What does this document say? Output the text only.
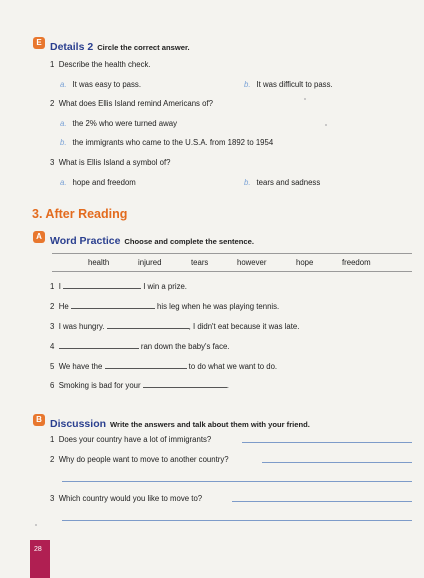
E Details 2 Circle the correct answer.
1 Describe the health check.
a. It was easy to pass.	b. It was difficult to pass.
2 What does Ellis Island remind Americans of?
a. the 2% who were turned away
b. the immigrants who came to the U.S.A. from 1892 to 1954
3 What is Ellis Island a symbol of?
a. hope and freedom	b. tears and sadness
3. After Reading
A Word Practice Choose and complete the sentence.
health	injured	tears	however	hope	freedom
1 I	I win a prize.
2 He	his leg when he was playing tennis.
3 I was hungry.	, I didn't eat because it was late.
4	ran down the baby's face.
5 We have the	to do what we want to do.
6 Smoking is bad for your	.
B Discussion Write the answers and talk about them with your friend.
1 Does your country have a lot of immigrants?
2 Why do people want to move to another country?
3 Which country would you like to move to?
28
